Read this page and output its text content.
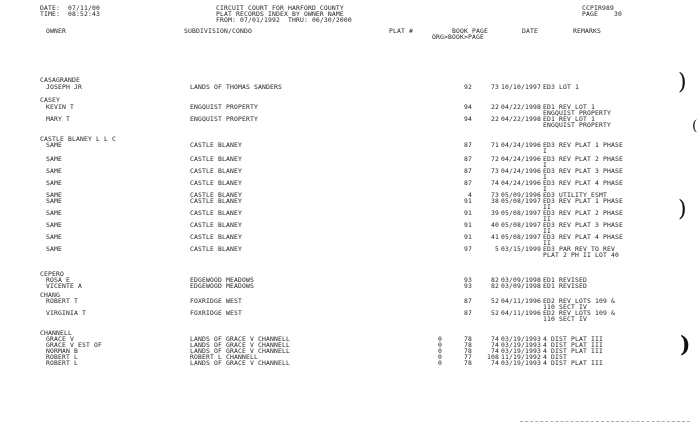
DATE:  07/11/00
TIME:  08:52:43
CIRCUIT COURT FOR HARFORD COUNTY
PLAT RECORDS INDEX BY OWNER NAME
FROM: 07/01/1992  THRU: 06/30/2000
CCPIR989
PAGE    30
OWNER	SUBDIVISION/CONDO	PLAT #	BOOK PAGE
ORG>BOOK>PAGE
DATE	REMARKS
CASAGRANDE
JOSEPH JR	LANDS OF THOMAS SANDERS	92	73 10/10/1997 ED3 LOT 1
CASEY
KEVIN T	ENGQUIST PROPERTY	94	22 04/22/1998 ED1 REV LOT 1
ENGQUIST PROPERTY
MARY T	ENGQUIST PROPERTY	94	22 04/22/1998 ED1 REV LOT 1
ENGQUIST PROPERTY
CASTLE BLANEY L L C
SAME	CASTLE BLANEY	87	71 04/24/1996 ED3 REV PLAT 1 PHASE
I
SAME	CASTLE BLANEY	87	72 04/24/1996 ED3 REV PLAT 2 PHASE
I
SAME	CASTLE BLANEY	87	73 04/24/1996 ED3 REV PLAT 3 PHASE
I
SAME	CASTLE BLANEY	87	74 04/24/1996 ED3 REV PLAT 4 PHASE
I
SAME	CASTLE BLANEY	4	73 05/09/1996 ED3 UTILITY ESMT
SAME	CASTLE BLANEY	91	38 05/08/1997 ED3 REV PLAT 1 PHASE
II
SAME	CASTLE BLANEY	91	39 05/08/1997 ED3 REV PLAT 2 PHASE
II
SAME	CASTLE BLANEY	91	40 05/08/1997 ED3 REV PLAT 3 PHASE
II
SAME	CASTLE BLANEY	91	41 05/08/1997 ED3 REV PLAT 4 PHASE
II
SAME	CASTLE BLANEY	97	5 03/15/1999 ED3 PAR REV TO REV
PLAT 2 PH II LOT 40
CEPERO
ROSA E	EDGEWOOD MEADOWS	93	82 03/09/1998 ED1 REVISED
VICENTE A	EDGEWOOD MEADOWS	93	82 03/09/1998 ED1 REVISED
CHANG
ROBERT T	FOXRIDGE WEST	87	52 04/11/1996 ED2 REV LOTS 109 &
110 SECT IV
VIRGINIA T	FOXRIDGE WEST	87	52 04/11/1996 ED2 REV LOTS 109 &
110 SECT IV
CHANNELL
GRACE V	LANDS OF GRACE V CHANNELL	0	78	74 03/19/1993 4 DIST PLAT III
GRACE V EST OF	LANDS OF GRACE V CHANNELL	0	78	74 03/19/1993 4 DIST PLAT III
NORMAN B	LANDS OF GRACE V CHANNELL	0	78	74 03/19/1993 4 DIST PLAT III
ROBERT L	ROBERT L CHANNELL	0	77	108 11/19/1992 4 DIST
ROBERT L	LANDS OF GRACE V CHANNELL	0	78	74 03/19/1993 4 DIST PLAT III
)
(
)
)
